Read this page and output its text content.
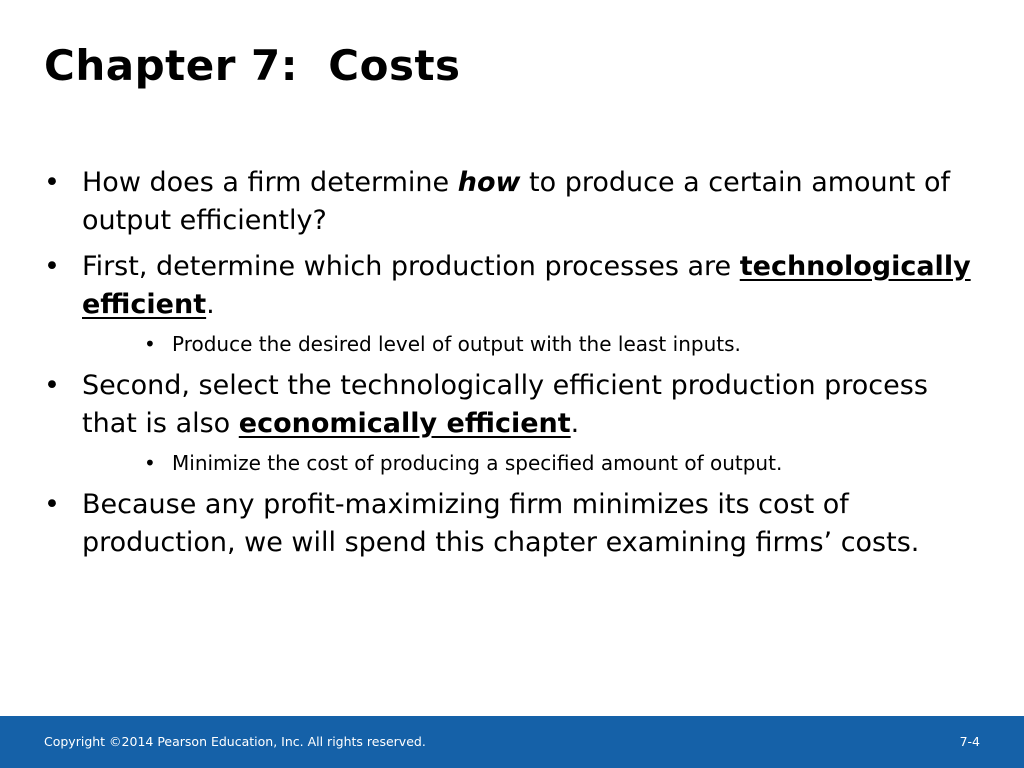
Chapter 7:  Costs
• How does a firm determine how to produce a certain amount of output efficiently?
• First, determine which production processes are technologically efficient.
• Produce the desired level of output with the least inputs.
• Second, select the technologically efficient production process that is also economically efficient.
• Minimize the cost of producing a specified amount of output.
• Because any profit-maximizing firm minimizes its cost of production, we will spend this chapter examining firms’ costs.
Copyright ©2014 Pearson Education, Inc. All rights reserved.	7-4
